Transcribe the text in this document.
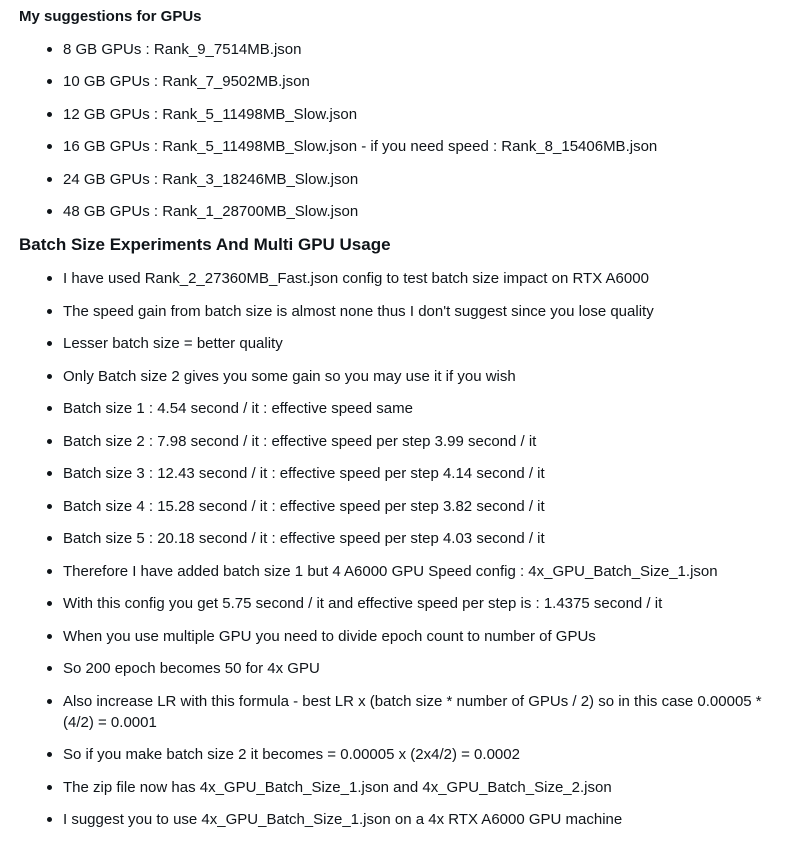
My suggestions for GPUs
8 GB GPUs : Rank_9_7514MB.json
10 GB GPUs : Rank_7_9502MB.json
12 GB GPUs : Rank_5_11498MB_Slow.json
16 GB GPUs : Rank_5_11498MB_Slow.json - if you need speed : Rank_8_15406MB.json
24 GB GPUs : Rank_3_18246MB_Slow.json
48 GB GPUs : Rank_1_28700MB_Slow.json
Batch Size Experiments And Multi GPU Usage
I have used Rank_2_27360MB_Fast.json config to test batch size impact on RTX A6000
The speed gain from batch size is almost none thus I don't suggest since you lose quality
Lesser batch size = better quality
Only Batch size 2 gives you some gain so you may use it if you wish
Batch size 1 : 4.54 second / it : effective speed same
Batch size 2 : 7.98 second / it : effective speed per step 3.99 second / it
Batch size 3 : 12.43 second / it : effective speed per step 4.14 second / it
Batch size 4 : 15.28 second / it : effective speed per step 3.82 second / it
Batch size 5 : 20.18 second / it : effective speed per step 4.03 second / it
Therefore I have added batch size 1 but 4 A6000 GPU Speed config : 4x_GPU_Batch_Size_1.json
With this config you get 5.75 second / it and effective speed per step is : 1.4375 second / it
When you use multiple GPU you need to divide epoch count to number of GPUs
So 200 epoch becomes 50 for 4x GPU
Also increase LR with this formula - best LR x (batch size * number of GPUs / 2) so in this case 0.00005 * (4/2) = 0.0001
So if you make batch size 2 it becomes = 0.00005 x (2x4/2) = 0.0002
The zip file now has 4x_GPU_Batch_Size_1.json and 4x_GPU_Batch_Size_2.json
I suggest you to use 4x_GPU_Batch_Size_1.json on a 4x RTX A6000 GPU machine
